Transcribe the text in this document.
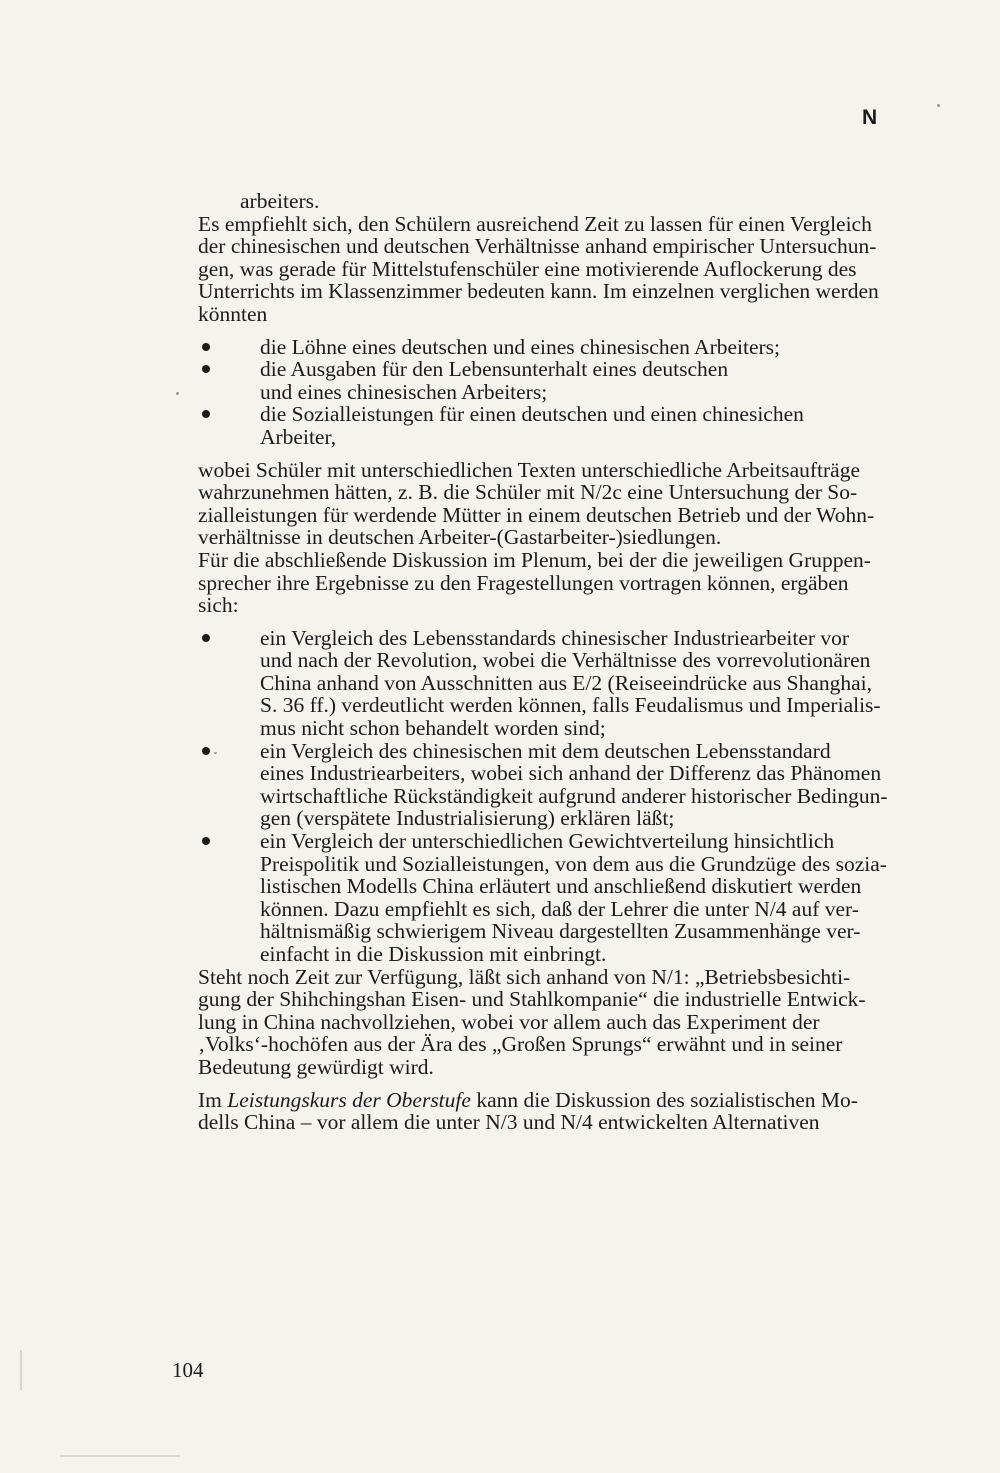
N

arbeiters.

Es empfiehlt sich, den Schülern ausreichend Zeit zu lassen für einen Vergleich

der chinesischen und deutschen Verhältnisse anhand empirischer Untersuchun-

gen, was gerade für Mittelstufenschüler eine motivierende Auflockerung des

Unterrichts im Klassenzimmer bedeuten kann. Im einzelnen verglichen werden

könnten

die Löhne eines deutschen und eines chinesischen Arbeiters;

die Ausgaben für den Lebensunterhalt eines deutschen

und eines chinesischen Arbeiters;

die Sozialleistungen für einen deutschen und einen chinesichen

Arbeiter,

wobei Schüler mit unterschiedlichen Texten unterschiedliche Arbeitsaufträge

wahrzunehmen hätten, z. B. die Schüler mit N/2c eine Untersuchung der So-

zialleistungen für werdende Mütter in einem deutschen Betrieb und der Wohn-

verhältnisse in deutschen Arbeiter-(Gastarbeiter-)siedlungen.

Für die abschließende Diskussion im Plenum, bei der die jeweiligen Gruppen-

sprecher ihre Ergebnisse zu den Fragestellungen vortragen können, ergäben

sich:

ein Vergleich des Lebensstandards chinesischer Industriearbeiter vor

und nach der Revolution, wobei die Verhältnisse des vorrevolutionären

China anhand von Ausschnitten aus E/2 (Reiseeindrücke aus Shanghai,

S. 36 ff.) verdeutlicht werden können, falls Feudalismus und Imperialis-

mus nicht schon behandelt worden sind;

ein Vergleich des chinesischen mit dem deutschen Lebensstandard

eines Industriearbeiters, wobei sich anhand der Differenz das Phänomen

wirtschaftliche Rückständigkeit aufgrund anderer historischer Bedingun-

gen (verspätete Industrialisierung) erklären läßt;

ein Vergleich der unterschiedlichen Gewichtverteilung hinsichtlich

Preispolitik und Sozialleistungen, von dem aus die Grundzüge des sozia-

listischen Modells China erläutert und anschließend diskutiert werden

können. Dazu empfiehlt es sich, daß der Lehrer die unter N/4 auf ver-

hältnismäßig schwierigem Niveau dargestellten Zusammenhänge ver-

einfacht in die Diskussion mit einbringt.

Steht noch Zeit zur Verfügung, läßt sich anhand von N/1: „Betriebsbesichti-

gung der Shihchingshan Eisen- und Stahlkompanie“ die industrielle Entwick-

lung in China nachvollziehen, wobei vor allem auch das Experiment der

‚Volks‘-hochöfen aus der Ära des „Großen Sprungs“ erwähnt und in seiner

Bedeutung gewürdigt wird.

Im Leistungskurs der Oberstufe kann die Diskussion des sozialistischen Mo-

dells China – vor allem die unter N/3 und N/4 entwickelten Alternativen

104
